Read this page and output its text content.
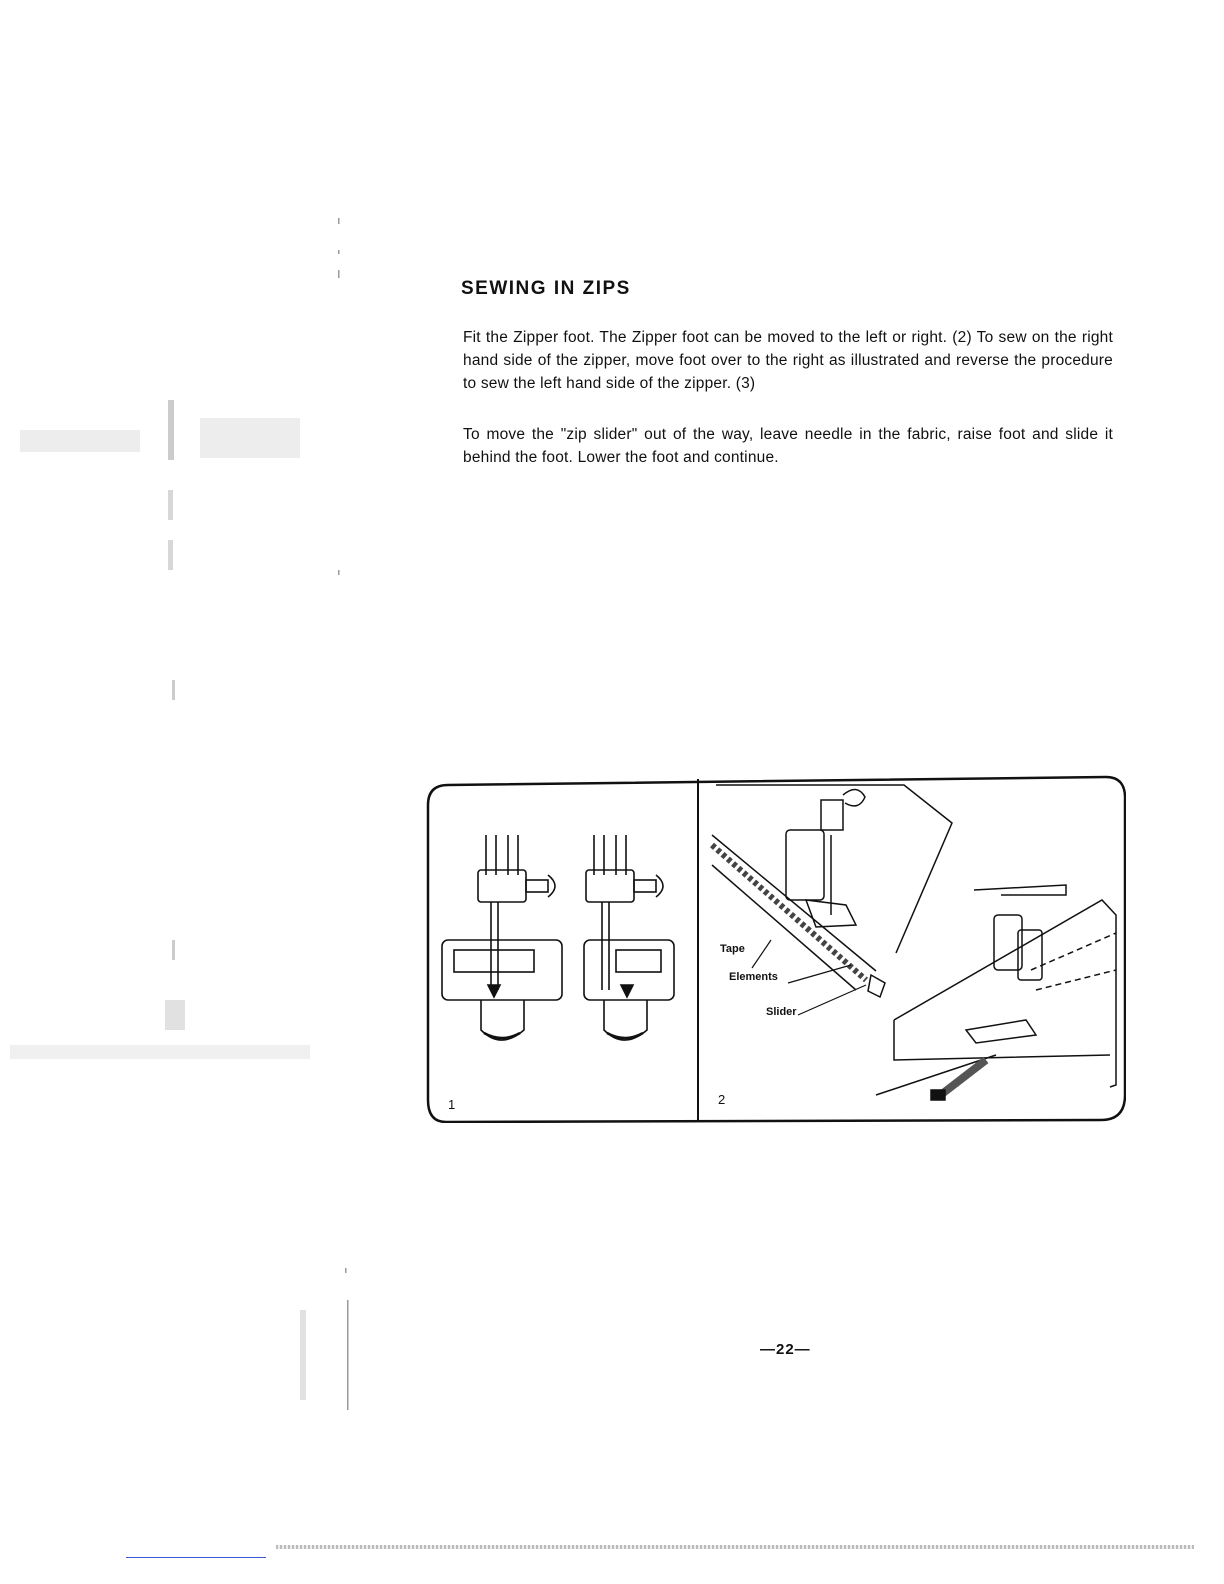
SEWING IN ZIPS

Fit the Zipper foot. The Zipper foot can be moved to the left or right. (2) To sew on the right hand side of the zipper, move foot over to the right as illustrated and reverse the procedure to sew the left hand side of the zipper. (3)

To move the "zip slider" out of the way, leave needle in the fabric, raise foot and slide it behind the foot. Lower the foot and continue.

1	2
Tape
Elements
Slider
—22—
